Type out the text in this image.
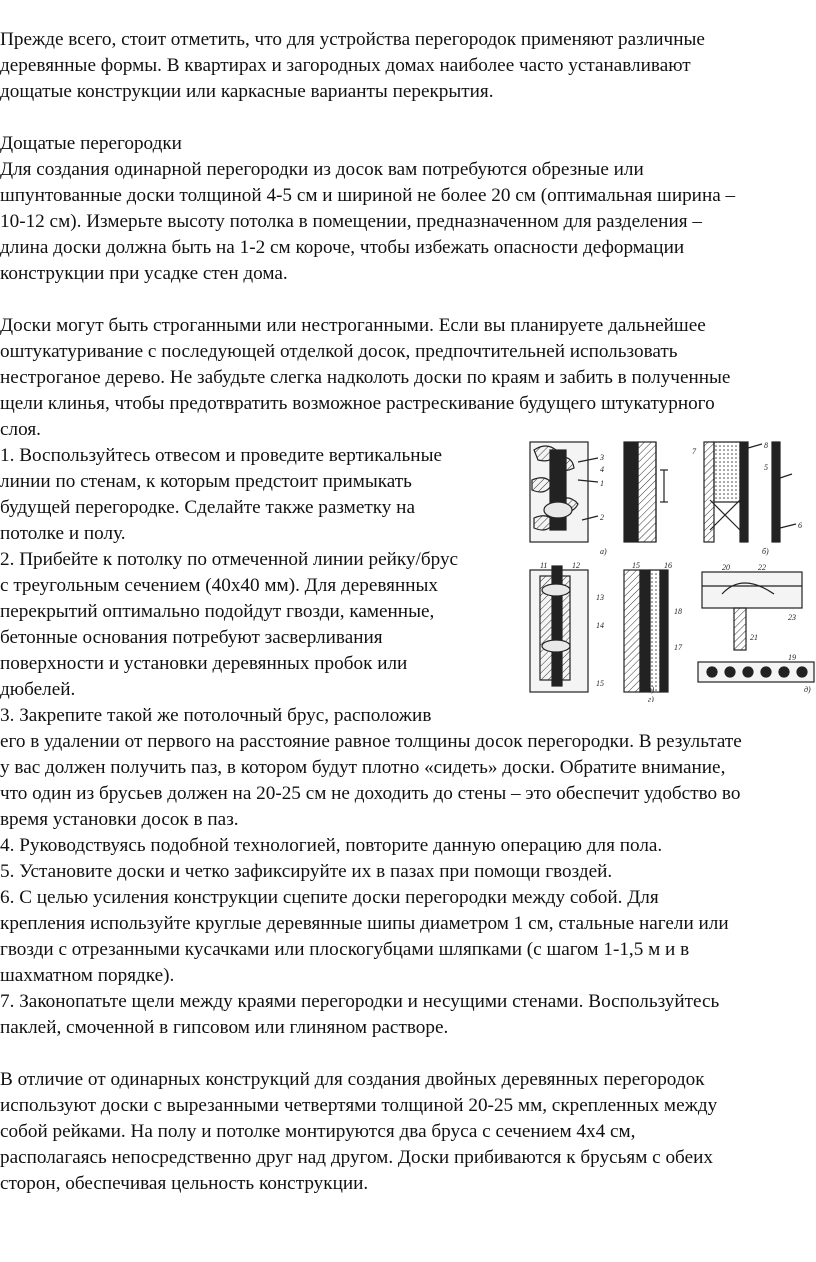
Прежде всего, стоит отметить, что для устройства перегородок применяют различные
деревянные формы. В квартирах и загородных домах наиболее часто устанавливают
дощатые конструкции или каркасные варианты перекрытия.
Дощатые перегородки
Для создания одинарной перегородки из досок вам потребуются обрезные или
шпунтованные доски толщиной 4-5 см и шириной не более 20 см (оптимальная ширина –
10-12 см). Измерьте высоту потолка в помещении, предназначенном для разделения –
длина доски должна быть на 1-2 см короче, чтобы избежать опасности деформации
конструкции при усадке стен дома.
Доски могут быть строганными или нестроганными. Если вы планируете дальнейшее
оштукатуривание с последующей отделкой досок, предпочтительней использовать
нестроганое дерево. Не забудьте слегка надколоть доски по краям и забить в полученные
щели клинья, чтобы предотвратить возможное растрескивание будущего штукатурного
слоя.
1. Воспользуйтесь отвесом и проведите вертикальные
линии по стенам, к которым предстоит примыкать
будущей перегородке. Сделайте также разметку на
потолке и полу.
2. Прибейте к потолку по отмеченной линии рейку/брус
с треугольным сечением (40х40 мм). Для деревянных
перекрытий оптимально подойдут гвозди, каменные,
бетонные основания потребуют засверливания
поверхности и установки деревянных пробок или
дюбелей.
3. Закрепите такой же потолочный брус, расположив
его в удалении от первого на расстояние равное толщины досок перегородки. В результате
у вас должен получить паз, в котором будут плотно «сидеть» доски. Обратите внимание,
что один из брусьев должен на 20-25 см не доходить до стены – это обеспечит удобство во
время установки досок в паз.
4. Руководствуясь подобной технологией, повторите данную операцию для пола.
5. Установите доски и четко зафиксируйте их в пазах при помощи гвоздей.
6. С целью усиления конструкции сцепите доски перегородки между собой. Для
крепления используйте круглые деревянные шипы диаметром 1 см, стальные нагели или
гвозди с отрезанными кусачками или плоскогубцами шляпками (с шагом 1-1,5 м и в
шахматном порядке).
7. Законопатьте щели между краями перегородки и несущими стенами. Воспользуйтесь
паклей, смоченной в гипсовом или глиняном растворе.
В отличие от одинарных конструкций для создания двойных деревянных перегородок
используют доски с вырезанными четвертями толщиной 20-25 мм, скрепленных между
собой рейками. На полу и потолке монтируются два бруса с сечением 4х4 см,
располагаясь непосредственно друг над другом. Доски прибиваются к брусьям с обеих
сторон, обеспечивая цельность конструкции.
3
4
1
2
а)
7
8
5
6
б)
11	12
13
14
15
в)
15	16
18
17
г)
20	22
21
23
19
д)
